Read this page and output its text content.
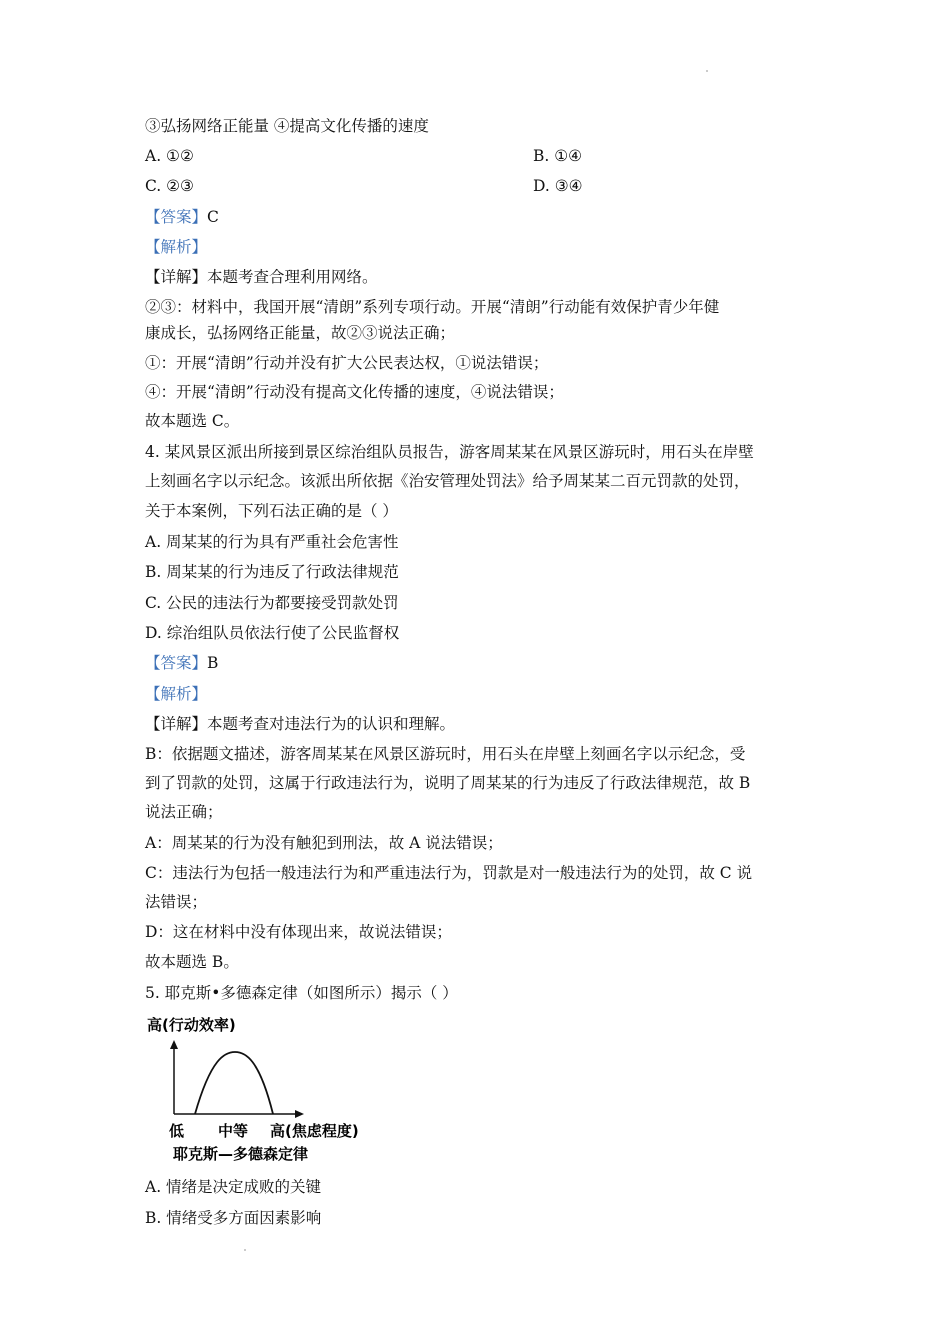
③弘扬网络正能量 ④提高文化传播的速度
A. ①②	B. ①④
C. ②③	D. ③④
【答案】C
【解析】
【详解】本题考查合理利用网络。
②③：材料中，我国开展“清朗”系列专项行动。开展“清朗”行动能有效保护青少年健
康成长，弘扬网络正能量，故②③说法正确；
①：开展“清朗”行动并没有扩大公民表达权，①说法错误；
④：开展“清朗”行动没有提高文化传播的速度，④说法错误；
故本题选 C。
4. 某风景区派出所接到景区综治组队员报告，游客周某某在风景区游玩时，用石头在岸壁
上刻画名字以示纪念。该派出所依据《治安管理处罚法》给予周某某二百元罚款的处罚，
关于本案例，下列石法正确的是（ ）
A. 周某某的行为具有严重社会危害性
B. 周某某的行为违反了行政法律规范
C. 公民的违法行为都要接受罚款处罚
D. 综治组队员依法行使了公民监督权
【答案】B
【解析】
【详解】本题考查对违法行为的认识和理解。
B：依据题文描述，游客周某某在风景区游玩时，用石头在岸壁上刻画名字以示纪念，受
到了罚款的处罚，这属于行政违法行为，说明了周某某的行为违反了行政法律规范，故 B
说法正确；
A：周某某的行为没有触犯到刑法，故 A 说法错误；
C：违法行为包括一般违法行为和严重违法行为，罚款是对一般违法行为的处罚，故 C 说
法错误；
D：这在材料中没有体现出来，故说法错误；
故本题选 B。
5. 耶克斯•多德森定律（如图所示）揭示（ ）
A. 情绪是决定成败的关键
B. 情绪受多方面因素影响
高(行动效率)
低 中等 高(焦虑程度)
耶克斯—多德森定律
